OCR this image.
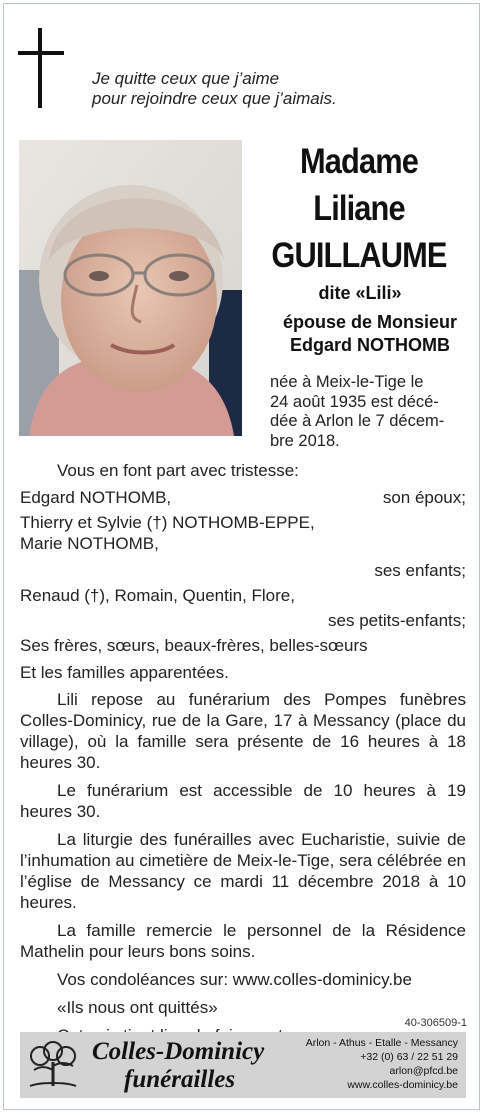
Je quitte ceux que j’aime
pour rejoindre ceux que j’aimais.
Madame
Liliane
GUILLAUME
dite «Lili»
épouse de Monsieur
Edgard NOTHOMB
née à Meix-le-Tige le
24 août 1935 est décé-
dée à Arlon le 7 décem-
bre 2018.

Vous en font part avec tristesse:

Edgard NOTHOMB,	son époux;
Thierry et Sylvie (†) NOTHOMB-EPPE,
Marie NOTHOMB,
ses enfants;
Renaud (†), Romain, Quentin, Flore,
ses petits-enfants;
Ses frères, sœurs, beaux-frères, belles-sœurs
Et les familles apparentées.

Lili repose au funérarium des Pompes funèbres Colles-Dominicy, rue de la Gare, 17 à Messancy (place du village), où la famille sera présente de 16 heures à 18 heures 30.

Le funérarium est accessible de 10 heures à 19 heures 30.

La liturgie des funérailles avec Eucharistie, suivie de l’inhumation au cimetière de Meix-le-Tige, sera célébrée en l’église de Messancy ce mardi 11 décembre 2018 à 10 heures.

La famille remercie le personnel de la Résidence Mathelin pour leurs bons soins.

Vos condoléances sur: www.colles-dominicy.be

«Ils nous ont quittés»

40-306509-1
Colles-Dominicy
funérailles
Arlon - Athus - Etalle - Messancy
+32 (0) 63 / 22 51 29
arlon@pfcd.be
www.colles-dominicy.be
